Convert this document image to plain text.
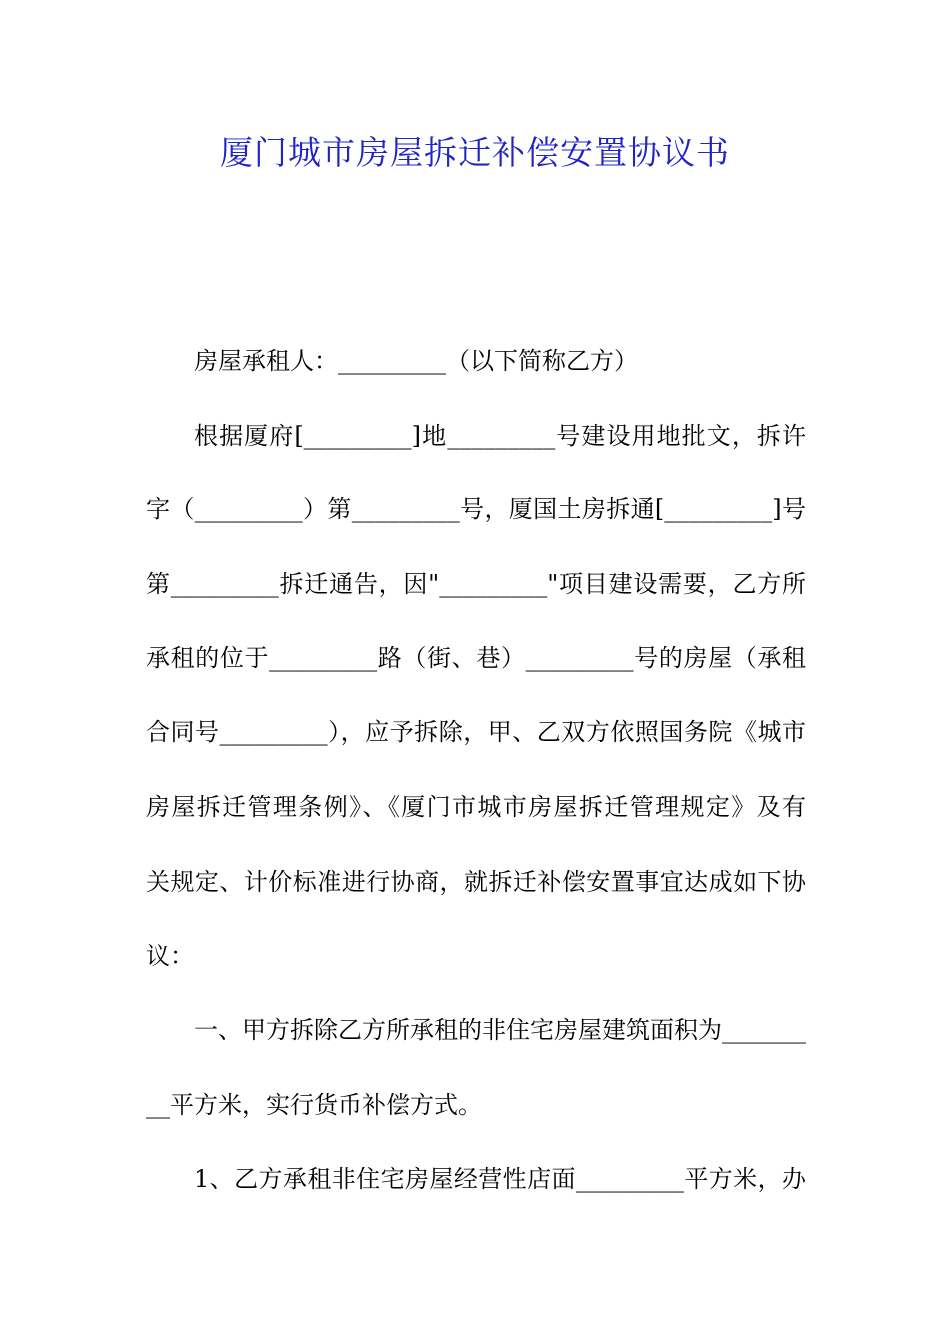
厦门城市房屋拆迁补偿安置协议书

房屋承租人：_________（以下简称乙方）

根据厦府[_________]地_________号建设用地批文，拆许

字（_________）第_________号，厦国土房拆通[_________]号

第_________拆迁通告，因"_________"项目建设需要，乙方所

承租的位于_________路（街、巷）_________号的房屋（承租

合同号_________），应予拆除，甲、乙双方依照国务院《城市

房屋拆迁管理条例》、《厦门市城市房屋拆迁管理规定》及有

关规定、计价标准进行协商，就拆迁补偿安置事宜达成如下协

议：

一、甲方拆除乙方所承租的非住宅房屋建筑面积为_______

__平方米，实行货币补偿方式。

1、乙方承租非住宅房屋经营性店面_________平方米，办
